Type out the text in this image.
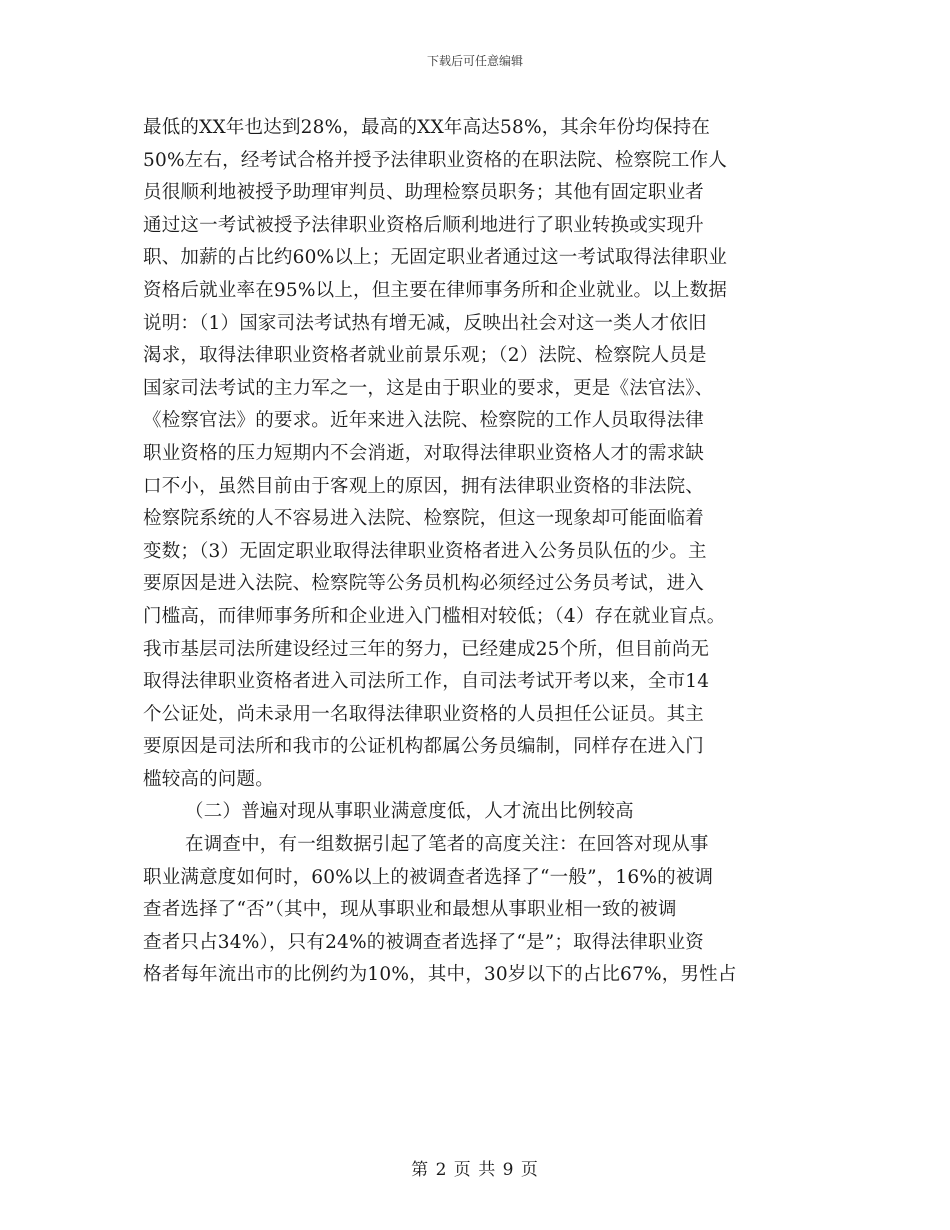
下载后可任意编辑
最低的XX年也达到28%，最高的XX年高达58%，其余年份均保持在
50%左右，经考试合格并授予法律职业资格的在职法院、检察院工作人
员很顺利地被授予助理审判员、助理检察员职务；其他有固定职业者
通过这一考试被授予法律职业资格后顺利地进行了职业转换或实现升
职、加薪的占比约60%以上；无固定职业者通过这一考试取得法律职业
资格后就业率在95%以上，但主要在律师事务所和企业就业。以上数据
说明：（1）国家司法考试热有增无减，反映出社会对这一类人才依旧
渴求，取得法律职业资格者就业前景乐观；（2）法院、检察院人员是
国家司法考试的主力军之一，这是由于职业的要求，更是《法官法》、
《检察官法》的要求。近年来进入法院、检察院的工作人员取得法律
职业资格的压力短期内不会消逝，对取得法律职业资格人才的需求缺
口不小，虽然目前由于客观上的原因，拥有法律职业资格的非法院、
检察院系统的人不容易进入法院、检察院，但这一现象却可能面临着
变数；（3）无固定职业取得法律职业资格者进入公务员队伍的少。主
要原因是进入法院、检察院等公务员机构必须经过公务员考试，进入
门槛高，而律师事务所和企业进入门槛相对较低；（4）存在就业盲点。
我市基层司法所建设经过三年的努力，已经建成25个所，但目前尚无
取得法律职业资格者进入司法所工作，自司法考试开考以来，全市14
个公证处，尚未录用一名取得法律职业资格的人员担任公证员。其主
要原因是司法所和我市的公证机构都属公务员编制，同样存在进入门
槛较高的问题。
（二）普遍对现从事职业满意度低，人才流出比例较高
在调查中，有一组数据引起了笔者的高度关注：在回答对现从事
职业满意度如何时，60%以上的被调查者选择了“一般”，16%的被调
查者选择了“否”（其中，现从事职业和最想从事职业相一致的被调
查者只占34%），只有24%的被调查者选择了“是”；取得法律职业资
格者每年流出市的比例约为10%，其中，30岁以下的占比67%，男性占
第 2 页 共 9 页
